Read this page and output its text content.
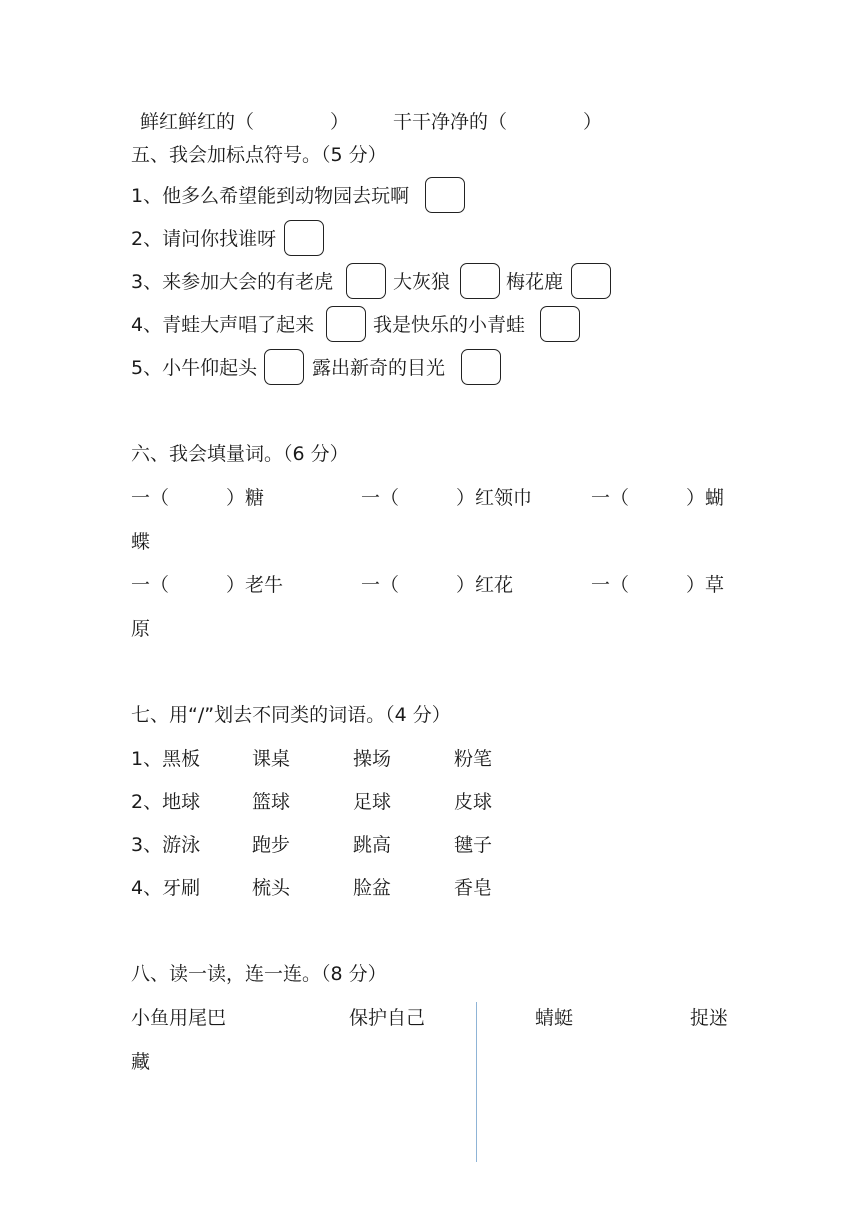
鲜红鲜红的（　　　　） 干干净净的（　　　　）
五、我会加标点符号。（5 分）
1、他多么希望能到动物园去玩啊
2、请问你找谁呀
3、来参加大会的有老虎	大灰狼	梅花鹿
4、青蛙大声唱了起来	我是快乐的小青蛙
5、小牛仰起头	露出新奇的目光
六、我会填量词。（6 分）
一（　　　）糖	一（　　　）红领巾	一（　　　）蝴
蝶
一（　　　）老牛	一（　　　）红花	一（　　　）草
原
七、用“/”划去不同类的词语。（4 分）
1、黑板	课桌	操场	粉笔
2、地球	篮球	足球	皮球
3、游泳	跑步	跳高	毽子
4、牙刷	梳头	脸盆	香皂
八、读一读，连一连。（8 分）
小鱼用尾巴	保护自己	蜻蜓	捉迷
藏
